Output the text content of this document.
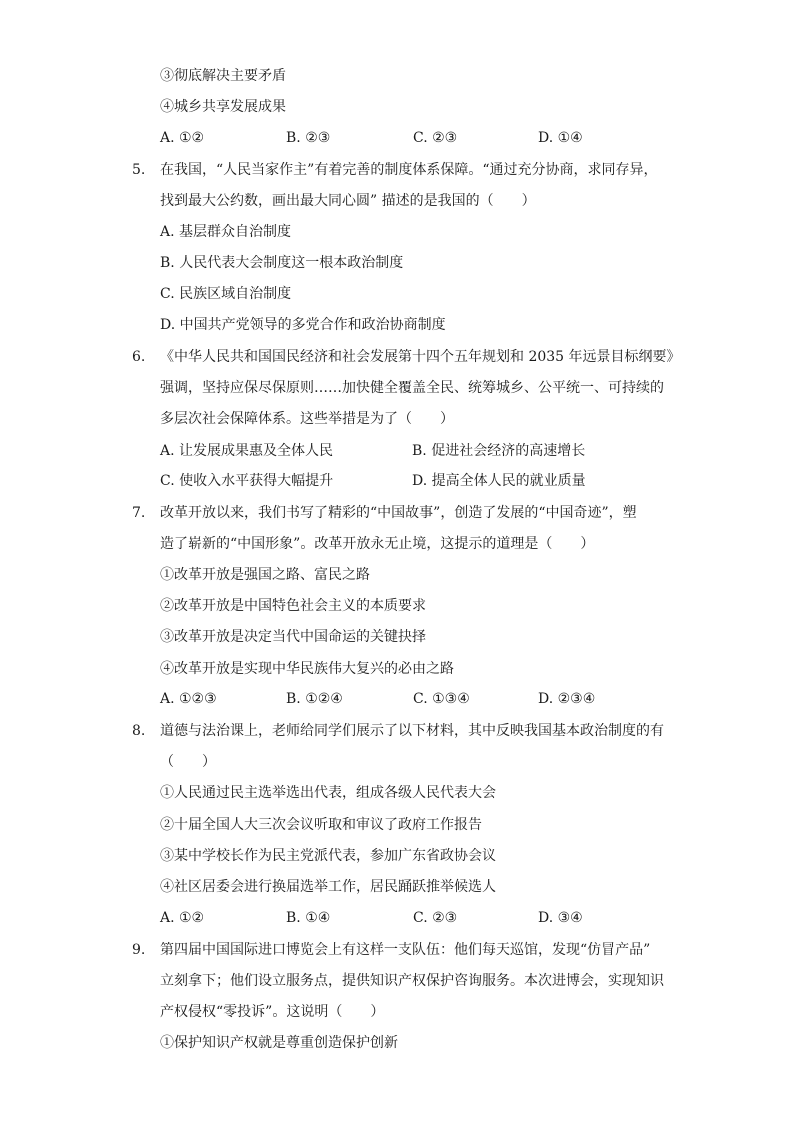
③彻底解决主要矛盾
④城乡共享发展成果
A. ①②	B. ②③	C. ②③	D. ①④
5.	在我国，“人民当家作主”有着完善的制度体系保障。“通过充分协商，求同存异，
找到最大公约数，画出最大同心圆” 描述的是我国的（　　）
A. 基层群众自治制度
B. 人民代表大会制度这一根本政治制度
C. 民族区域自治制度
D. 中国共产党领导的多党合作和政治协商制度
6.	《中华人民共和国国民经济和社会发展第十四个五年规划和 2035 年远景目标纲要》
强调，坚持应保尽保原则……加快健全覆盖全民、统筹城乡、公平统一、可持续的
多层次社会保障体系。这些举措是为了（　　）
A. 让发展成果惠及全体人民	B. 促进社会经济的高速增长
C. 使收入水平获得大幅提升	D. 提高全体人民的就业质量
7.	改革开放以来，我们书写了精彩的“中国故事”，创造了发展的“中国奇迹”，塑
造了崭新的“中国形象”。改革开放永无止境，这提示的道理是（　　）
①改革开放是强国之路、富民之路
②改革开放是中国特色社会主义的本质要求
③改革开放是决定当代中国命运的关键抉择
④改革开放是实现中华民族伟大复兴的必由之路
A. ①②③	B. ①②④	C. ①③④	D. ②③④
8.	道德与法治课上，老师给同学们展示了以下材料，其中反映我国基本政治制度的有
（　　）
①人民通过民主选举选出代表，组成各级人民代表大会
②十届全国人大三次会议听取和审议了政府工作报告
③某中学校长作为民主党派代表，参加广东省政协会议
④社区居委会进行换届选举工作，居民踊跃推举候选人
A. ①②	B. ①④	C. ②③	D. ③④
9.	第四届中国国际进口博览会上有这样一支队伍：他们每天巡馆，发现“仿冒产品”
立刻拿下；他们设立服务点，提供知识产权保护咨询服务。本次进博会，实现知识
产权侵权“零投诉”。这说明（　　）
①保护知识产权就是尊重创造保护创新
